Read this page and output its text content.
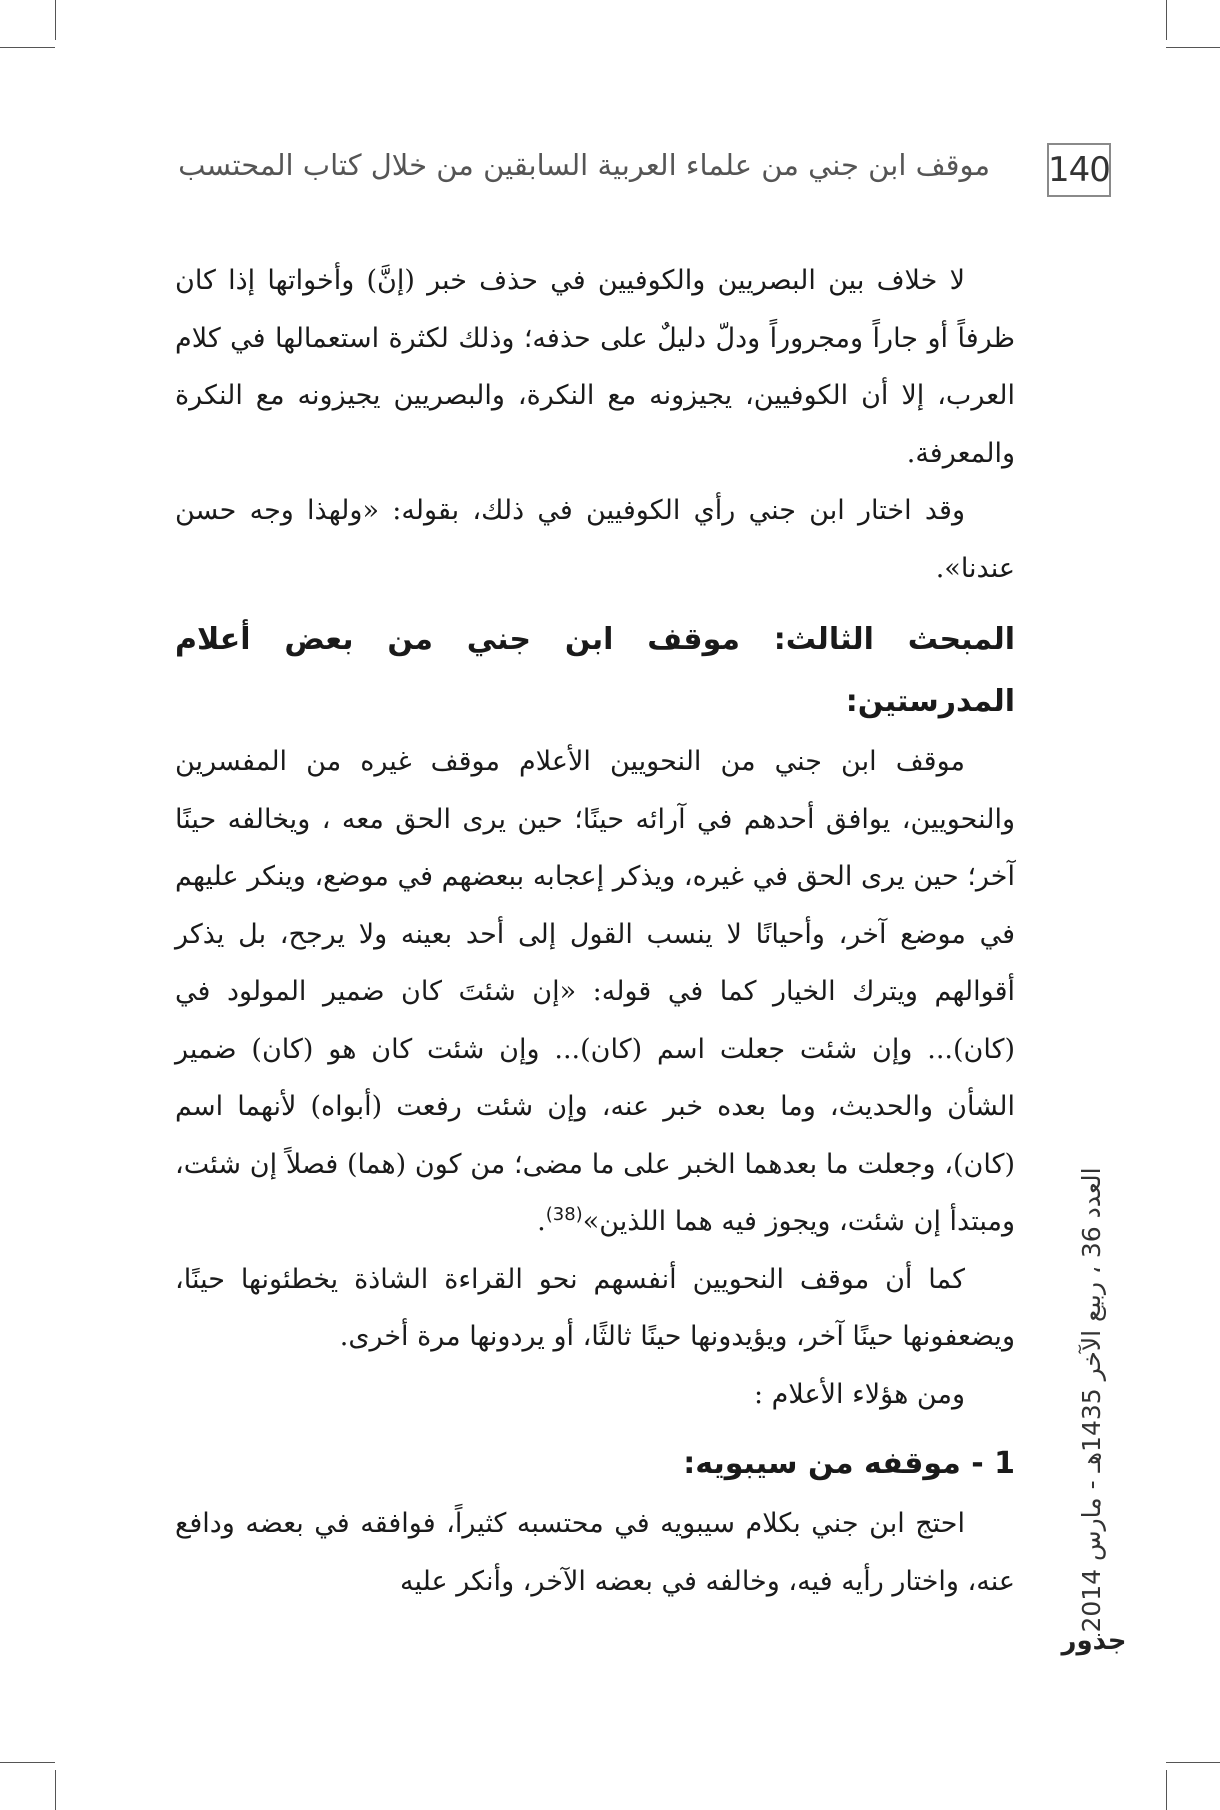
140
موقف ابن جني من علماء العربية السابقين من خلال كتاب المحتسب

لا خلاف بين البصريين والكوفيين في حذف خبر (إنَّ) وأخواتها إذا كان ظرفاً أو جاراً ومجروراً ودلّ دليلٌ على حذفه؛ وذلك لكثرة استعمالها في كلام العرب، إلا أن الكوفيين، يجيزونه مع النكرة، والبصريين يجيزونه مع النكرة والمعرفة.

وقد اختار ابن جني رأي الكوفيين في ذلك، بقوله: «ولهذا وجه حسن عندنا».

المبحث الثالث: موقف ابن جني من بعض أعلام المدرستين:

موقف ابن جني من النحويين الأعلام موقف غيره من المفسرين والنحويين، يوافق أحدهم في آرائه حينًا؛ حين يرى الحق معه ، ويخالفه حينًا آخر؛ حين يرى الحق في غيره، ويذكر إعجابه ببعضهم في موضع، وينكر عليهم في موضع آخر، وأحيانًا لا ينسب القول إلى أحد بعينه ولا يرجح، بل يذكر أقوالهم ويترك الخيار كما في قوله: «إن شئتَ كان ضمير المولود في (كان)... وإن شئت جعلت اسم (كان)... وإن شئت كان هو (كان) ضمير الشأن والحديث، وما بعده خبر عنه، وإن شئت رفعت (أبواه) لأنهما اسم (كان)، وجعلت ما بعدهما الخبر على ما مضى؛ من كون (هما) فصلاً إن شئت، ومبتدأ إن شئت، ويجوز فيه هما اللذين»$^{(38)}$.

كما أن موقف النحويين أنفسهم نحو القراءة الشاذة يخطئونها حينًا، ويضعفونها حينًا آخر، ويؤيدونها حينًا ثالثًا، أو يردونها مرة أخرى.

ومن هؤلاء الأعلام :

1 - موقفه من سيبويه:

احتج ابن جني بكلام سيبويه في محتسبه كثيراً، فوافقه في بعضه ودافع عنه، واختار رأيه فيه، وخالفه في بعضه الآخر، وأنكر عليه العدد 36 ، ربيع الآخر 1435هـ - مارس 2014
جذور
